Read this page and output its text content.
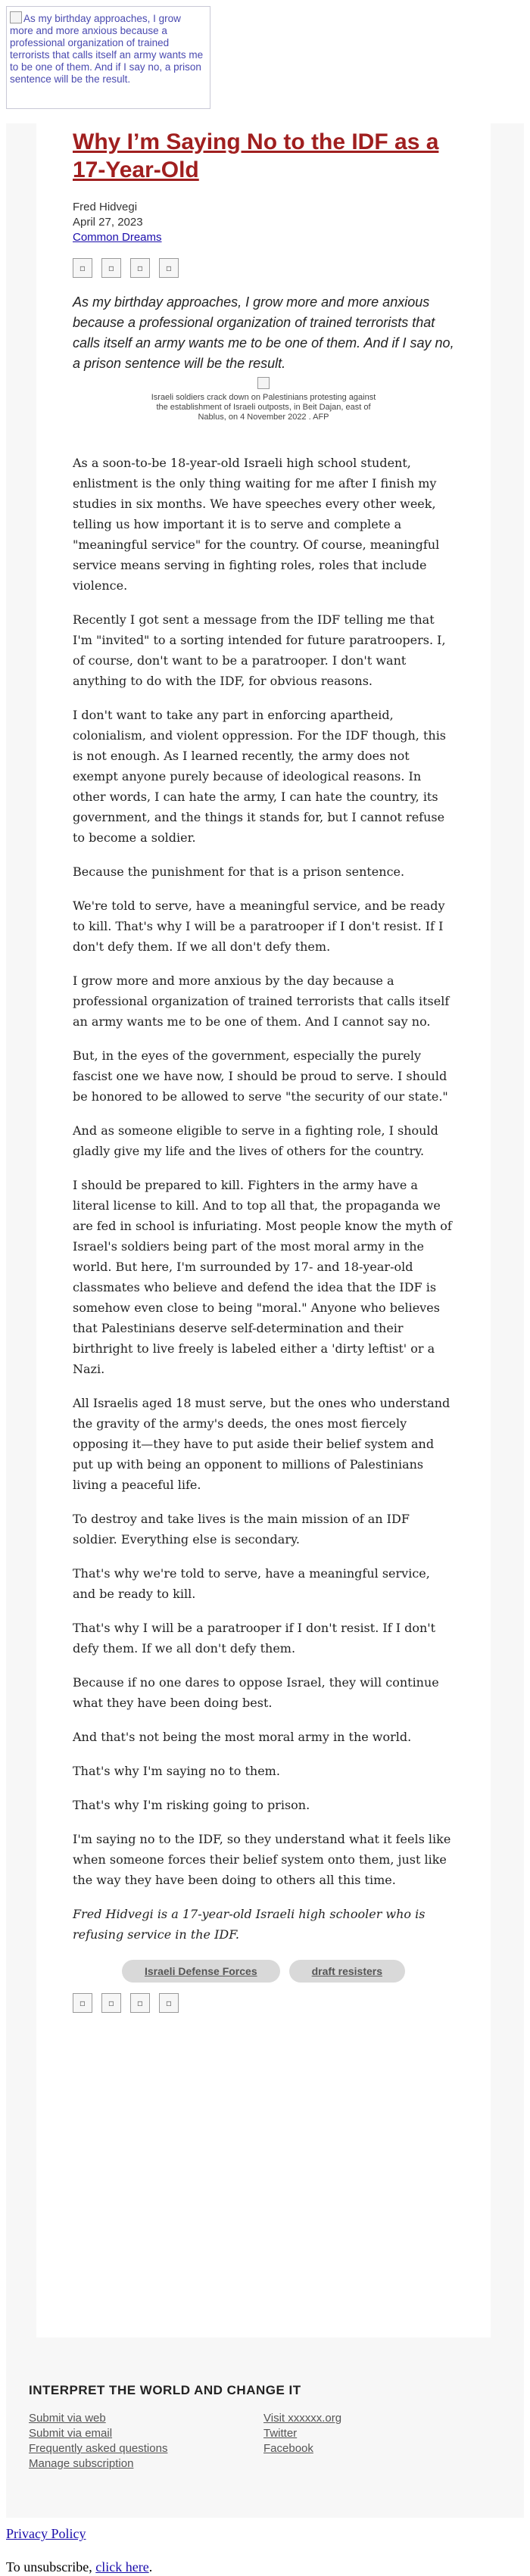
As my birthday approaches, I grow more and more anxious because a professional organization of trained terrorists that calls itself an army wants me to be one of them. And if I say no, a prison sentence will be the result.
Why I’m Saying No to the IDF as a 17-Year-Old
Fred Hidvegi
April 27, 2023
Common Dreams
▫	▫	▫	▫
As my birthday approaches, I grow more and more anxious because a professional organization of trained terrorists that calls itself an army wants me to be one of them. And if I say no, a prison sentence will be the result.
Israeli soldiers crack down on Palestinians protesting against the establishment of Israeli outposts, in Beit Dajan, east of Nablus, on 4 November 2022 . AFP

As a soon-to-be 18-year-old Israeli high school student, enlistment is the only thing waiting for me after I finish my studies in six months. We have speeches every other week, telling us how important it is to serve and complete a "meaningful service" for the country. Of course, meaningful service means serving in fighting roles, roles that include violence.

Recently I got sent a message from the IDF telling me that I'm "invited" to a sorting intended for future paratroopers. I, of course, don't want to be a paratrooper. I don't want anything to do with the IDF, for obvious reasons.

I don't want to take any part in enforcing apartheid, colonialism, and violent oppression. For the IDF though, this is not enough. As I learned recently, the army does not exempt anyone purely because of ideological reasons. In other words, I can hate the army, I can hate the country, its government, and the things it stands for, but I cannot refuse to become a soldier.

Because the punishment for that is a prison sentence.

We're told to serve, have a meaningful service, and be ready to kill. That's why I will be a paratrooper if I don't resist. If I don't defy them. If we all don't defy them.

I grow more and more anxious by the day because a professional organization of trained terrorists that calls itself an army wants me to be one of them. And I cannot say no.

But, in the eyes of the government, especially the purely fascist one we have now, I should be proud to serve. I should be honored to be allowed to serve "the security of our state."

And as someone eligible to serve in a fighting role, I should gladly give my life and the lives of others for the country.

I should be prepared to kill. Fighters in the army have a literal license to kill. And to top all that, the propaganda we are fed in school is infuriating. Most people know the myth of Israel's soldiers being part of the most moral army in the world. But here, I'm surrounded by 17- and 18-year-old classmates who believe and defend the idea that the IDF is somehow even close to being "moral." Anyone who believes that Palestinians deserve self-determination and their birthright to live freely is labeled either a 'dirty leftist' or a Nazi.

All Israelis aged 18 must serve, but the ones who understand the gravity of the army's deeds, the ones most fiercely opposing it—they have to put aside their belief system and put up with being an opponent to millions of Palestinians living a peaceful life.

To destroy and take lives is the main mission of an IDF soldier. Everything else is secondary.

That's why we're told to serve, have a meaningful service, and be ready to kill.

That's why I will be a paratrooper if I don't resist. If I don't defy them. If we all don't defy them.

Because if no one dares to oppose Israel, they will continue what they have been doing best.

And that's not being the most moral army in the world.

That's why I'm saying no to them.

That's why I'm risking going to prison.

I'm saying no to the IDF, so they understand what it feels like when someone forces their belief system onto them, just like the way they have been doing to others all this time.

Fred Hidvegi is a 17-year-old Israeli high schooler who is refusing service in the IDF.

Israeli Defense Forces	draft resisters
▫	▫	▫	▫
INTERPRET THE WORLD AND CHANGE IT
Submit via web
Submit via email
Frequently asked questions
Manage subscription
Visit xxxxxx.org
Twitter
Facebook
Privacy Policy
To unsubscribe, click here.
